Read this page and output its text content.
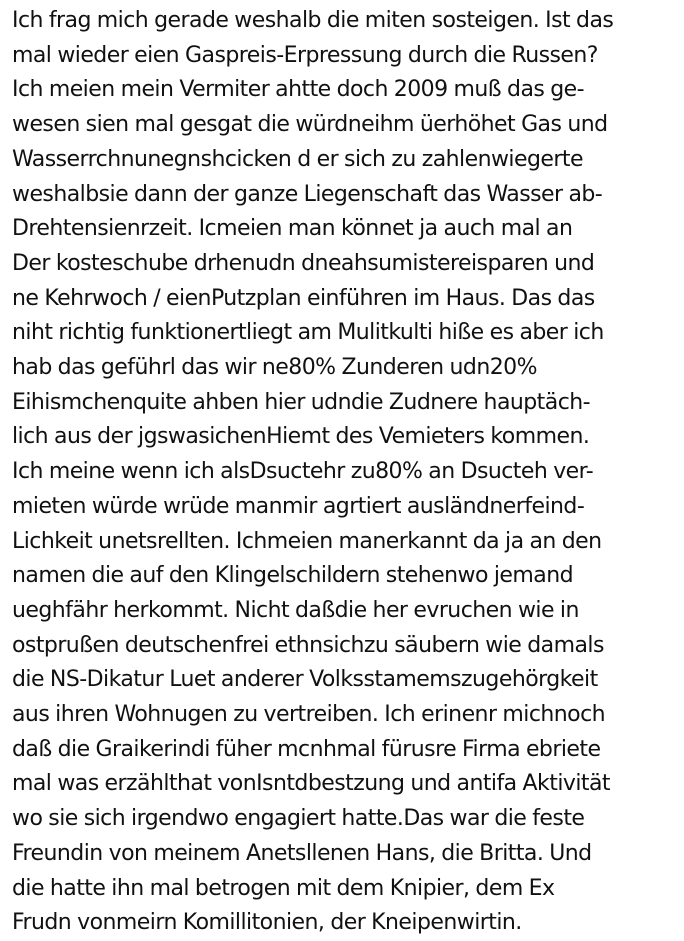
Ich frag mich gerade weshalb die miten sosteigen. Ist das
mal wieder eien Gaspreis-Erpressung durch die Russen?
Ich meien mein Vermiter ahtte doch 2009 muß das ge-
wesen sien mal gesgat die würdneihm üerhöhet Gas und
Wasserrchnunegnshcicken d er sich zu zahlenwiegerte
weshalbsie dann der ganze Liegenschaft das Wasser ab-
Drehtensienrzeit. Icmeien man könnet ja auch mal an
Der kosteschube drhenudn dneahsumistereisparen und
ne Kehrwoch / eienPutzplan einführen im Haus. Das das
niht richtig funktionertliegt am Mulitkulti hiße es aber ich
hab das geführl das wir ne80% Zunderen udn20%
Eihismchenquite ahben hier udndie Zudnere hauptäch-
lich aus der jgswasichenHiemt des Vemieters kommen.
Ich meine wenn ich alsDsuctehr zu80% an Dsucteh ver-
mieten würde wrüde manmir agrtiert ausländnerfeind-
Lichkeit unetsrellten. Ichmeien manerkannt da ja an den
namen die auf den Klingelschildern stehenwo jemand
ueghfähr herkommt. Nicht daßdie her evruchen wie in
ostprußen deutschenfrei ethnsichzu säubern wie damals
die NS-Dikatur Luet anderer Volksstamemszugehörgkeit
aus ihren Wohnugen zu vertreiben. Ich erinenr michnoch
daß die Graikerindi füher mcnhmal fürusre Firma ebriete
mal was erzählthat vonIsntdbestzung und antifa Aktivität
wo sie sich irgendwo engagiert hatte.Das war die feste
Freundin von meinem Anetsllenen Hans, die Britta. Und
die hatte ihn mal betrogen mit dem Knipier, dem Ex
Frudn vonmeirn Komillitonien, der Kneipenwirtin.
